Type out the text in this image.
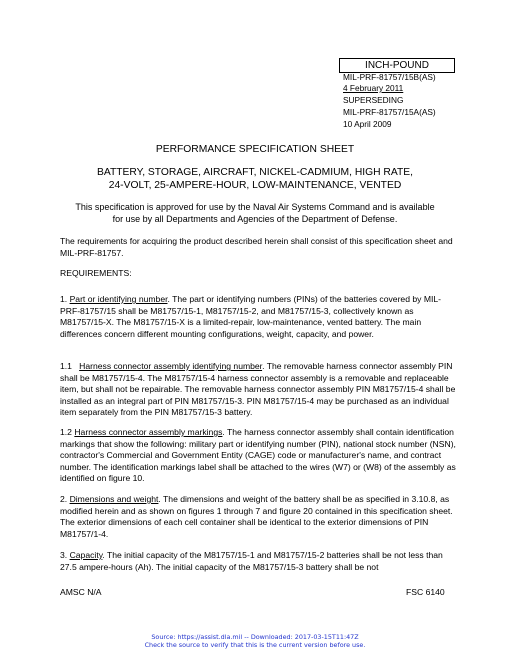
INCH-POUND
MIL-PRF-81757/15B(AS)
4 February 2011
SUPERSEDING
MIL-PRF-81757/15A(AS)
10 April 2009
PERFORMANCE SPECIFICATION SHEET
BATTERY, STORAGE, AIRCRAFT, NICKEL-CADMIUM, HIGH RATE,
24-VOLT, 25-AMPERE-HOUR, LOW-MAINTENANCE, VENTED
This specification is approved for use by the Naval Air Systems Command and is available
for use by all Departments and Agencies of the Department of Defense.

The requirements for acquiring the product described herein shall consist of this specification sheet and MIL-PRF-81757.

REQUIREMENTS:

1. Part or identifying number. The part or identifying numbers (PINs) of the batteries covered by MIL-PRF-81757/15 shall be M81757/15-1, M81757/15-2, and M81757/15-3, collectively known as M81757/15-X. The M81757/15-X is a limited-repair, low-maintenance, vented battery. The main differences concern different mounting configurations, weight, capacity, and power.

1.1 Harness connector assembly identifying number. The removable harness connector assembly PIN shall be M81757/15-4. The M81757/15-4 harness connector assembly is a removable and replaceable item, but shall not be repairable. The removable harness connector assembly PIN M81757/15-4 shall be installed as an integral part of PIN M81757/15-3. PIN M81757/15-4 may be purchased as an individual item separately from the PIN M81757/15-3 battery.

1.2 Harness connector assembly markings. The harness connector assembly shall contain identification markings that show the following: military part or identifying number (PIN), national stock number (NSN), contractor's Commercial and Government Entity (CAGE) code or manufacturer's name, and contract number. The identification markings label shall be attached to the wires (W7) or (W8) of the assembly as identified on figure 10.

2. Dimensions and weight. The dimensions and weight of the battery shall be as specified in 3.10.8, as modified herein and as shown on figures 1 through 7 and figure 20 contained in this specification sheet. The exterior dimensions of each cell container shall be identical to the exterior dimensions of PIN M81757/1-4.

3. Capacity. The initial capacity of the M81757/15-1 and M81757/15-2 batteries shall be not less than 27.5 ampere-hours (Ah). The initial capacity of the M81757/15-3 battery shall be not

AMSC N/A	FSC 6140
Source: https://assist.dla.mil -- Downloaded: 2017-03-15T11:47Z
Check the source to verify that this is the current version before use.
